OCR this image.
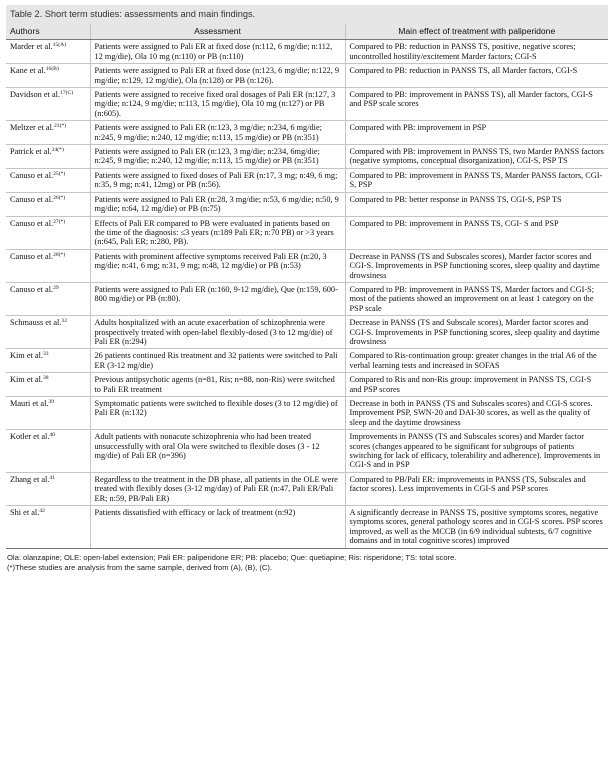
Table 2. Short term studies: assessments and main findings.
Authors	Assessment	Main effect of treatment with paliperidone
Marder et al.$^{15(A)}$	Patients were assigned to Pali ER at fixed dose (n:112, 6 mg/die; n:112, 12 mg/die), Ola 10 mg (n:110) or PB (n:110)	Compared to PB: reduction in PANSS TS, positive, negative scores; uncontrolled hostility/excitement Marder factors; CGI-S
Kane et al.$^{16(B)}$	Patients were assigned to Pali ER at fixed dose (n:123, 6 mg/die; n:122, 9 mg/die; n:129, 12 mg/die), Ola (n:128) or PB (n:126).	Compared to PB: reduction in PANSS TS, all Marder factors, CGI-S
Davidson et al.$^{17(C)}$	Patients were assigned to receive fixed oral dosages of Pali ER (n:127, 3 mg/die; n:124, 9 mg/die; n:113, 15 mg/die), Ola 10 mg (n:127) or PB (n:605).	Compared to PB: improvement in PANSS TS), all Marder factors, CGI-S and PSP scale scores
Meltzer et al.$^{23(*)}$	Patients were assigned to Pali ER (n:123, 3 mg/die; n:234, 6 mg/die; n:245, 9 mg/die; n:240, 12 mg/die; n:113, 15 mg/die) or PB (n:351)	Compared with PB: improvement in PSP
Patrick et al.$^{24(*)}$	Patients were assigned to Pali ER (n:123, 3 mg/die; n:234, 6mg/die; n:245, 9 mg/die; n:240, 12 mg/die; n:113, 15 mg/die) or PB (n:351)	Compared with PB: improvement in PANSS TS, two Marder PANSS factors (negative symptoms, conceptual disorganization), CGI-S, PSP TS
Canuso et al.$^{25(*)}$	Patients were assigned to fixed doses of Pali ER (n:17, 3 mg; n:49, 6 mg; n:35, 9 mg; n:41, 12mg) or PB (n:56).	Compared to PB: improvement in PANSS TS, Marder PANSS factors, CGI-S, PSP
Canuso et al.$^{26(*)}$	Patients were assigned to Pali ER (n:28, 3 mg/die; n:53, 6 mg/die; n:50, 9 mg/die; n:64, 12 mg/die) or PB (n:75)	Compared to PB: better response in PANSS TS, CGI-S, PSP TS
Canuso et al.$^{27(*)}$	Effects of Pali ER compared to PB were evaluated in patients based on the time of the diagnosis: ≤3 years (n:189 Pali ER; n:70 PB) or >3 years (n:645, Pali ER; n:280, PB).	Compared to PB: improvement in PANSS TS, CGI- S and PSP
Canuso et al.$^{28(*)}$	Patients with prominent affective symptoms received Pali ER (n:20, 3 mg/die; n:41, 6 mg; n:31, 9 mg; n:48, 12 mg/die) or PB (n:53)	Decrease in PANSS (TS and Subscales scores), Marder factor scores and CGI-S. Improvements in PSP functioning scores, sleep quality and daytime drowsiness
Canuso et al.$^{29}$	Patients were assigned to Pali ER (n:160, 9-12 mg/die), Que (n:159, 600-800 mg/die) or PB (n:80).	Compared to PB: improvement in PANSS TS, Marder factors and CGI-S; most of the patients showed an improvement on at least 1 category on the PSP scale
Schmauss et al.$^{32}$	Adults hospitalized with an acute exacerbation of schizophrenia were prospectively treated with open-label flexibly-dosed (3 to 12 mg/die) of Pali ER (n:294)	Decrease in PANSS (TS and Subscale scores), Marder factor scores and CGI-S. Improvements in PSP functioning scores, sleep quality and daytime drowsiness
Kim et al.$^{33}$	26 patients continued Ris treatment and 32 patients were switched to Pali ER (3-12 mg/die)	Compared to Ris-continuation group: greater changes in the trial A6 of the verbal learning tests and increased in SOFAS
Kim et al.$^{38}$	Previous antipsychotic agents (n=81, Ris; n=88, non-Ris) were switched to Pali ER treatment	Compared to Ris and non-Ris group: improvement in PANSS TS, CGI-S and PSP scores
Mauri et al.$^{39}$	Symptomatic patients were switched to flexible doses (3 to 12 mg/die) of Pali ER (n:132)	Decrease in both in PANSS (TS and Subscales scores) and CGI-S scores. Improvement PSP, SWN-20 and DAI-30 scores, as well as the quality of sleep and the daytime drowsiness
Kotler et al.$^{40}$	Adult patients with nonacute schizophrenia who had been treated unsuccessfully with oral Ola were switched to flexible doses (3 - 12 mg/die) of Pali ER (n=396)	Improvements in PANSS (TS and Subscales scores) and Marder factor scores (changes appeared to be significant for subgroups of patients switching for lack of efficacy, tolerability and adherence). Improvements in CGI-S and in PSP
Zhang et al.$^{41}$	Regardless to the treatment in the DB phase, all patients in the OLE were treated with flexibly doses (3-12 mg/day) of Pali ER (n:47, Pali ER/Pali ER; n:59, PB/Pali ER)	Compared to PB/Pali ER: improvements in PANSS (TS, Subscales and factor scores). Less improvements in CGI-S and PSP scores
Shi et al.$^{42}$	Patients dissatisfied with efficacy or lack of treatment (n:92)	A significantly decrease in PANSS TS, positive symptoms scores, negative symptoms scores, general pathology scores and in CGI-S scores. PSP scores improved, as well as the MCCB (in 6/9 individual subtests, 6/7 cognitive domains and in total cognitive scores) improved
Ola: olanzapine; OLE: open-label extension; Pali ER: paliperidone ER; PB: placebo; Que: quetiapine; Ris: risperidone; TS: total score.
(*)These studies are analysis from the same sample, derived from (A), (B), (C).
